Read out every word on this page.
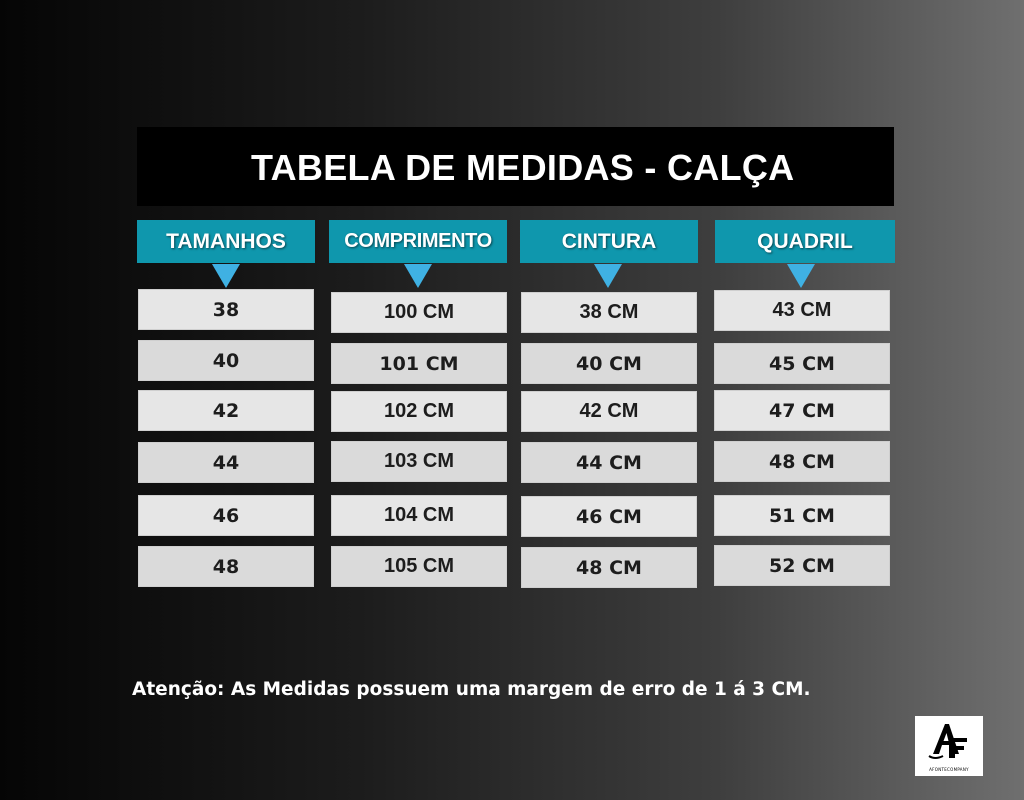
TABELA DE MEDIDAS - CALÇA
TAMANHOS
38
40
42
44
46
48
COMPRIMENTO
100 CM
101 CM
102 CM
103 CM
104 CM
105 CM
CINTURA
38 CM
40 CM
42 CM
44 CM
46 CM
48 CM
QUADRIL
43 CM
45 CM
47 CM
48 CM
51 CM
52 CM
Atenção: As Medidas possuem uma margem de erro de 1 á 3 CM.
AFONTECOMPANY
